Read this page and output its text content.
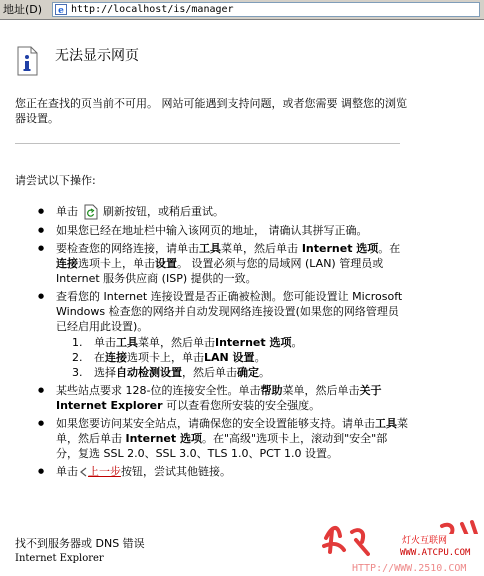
地址(D) e http://localhost/is/manager
无法显示网页
您正在查找的页当前不可用。 网站可能遇到支持问题，或者您需要 调整您的浏览器设置。
请尝试以下操作:
● 单击 刷新按钮，或稍后重试。
● 如果您已经在地址栏中输入该网页的地址， 请确认其拼写正确。
● 要检查您的网络连接，请单击工具菜单，然后单击 Internet 选项。在连接选项卡上，单击设置。 设置必须与您的局域网 (LAN) 管理员或 Internet 服务供应商 (ISP) 提供的一致。
● 查看您的 Internet 连接设置是否正确被检测。您可能设置让 Microsoft Windows 检查您的网络并自动发现网络连接设置(如果您的网络管理员已经启用此设置)。
1. 单击工具菜单，然后单击Internet 选项。
2. 在连接选项卡上，单击LAN 设置。
3. 选择自动检测设置，然后单击确定。
● 某些站点要求 128-位的连接安全性。单击帮助菜单，然后单击关于 Internet Explorer 可以查看您所安装的安全强度。
● 如果您要访问某安全站点，请确保您的安全设置能够支持。请单击工具菜单，然后单击 Internet 选项。在"高级"选项卡上，滚动到"安全"部分，复选 SSL 2.0、SSL 3.0、TLS 1.0、PCT 1.0 设置。
● 单击 上一步按钮，尝试其他链接。
找不到服务器或 DNS 错误
Internet Explorer
灯火互联网
WWW.ATCPU.COM
HTTP://WWW.2510.COM
